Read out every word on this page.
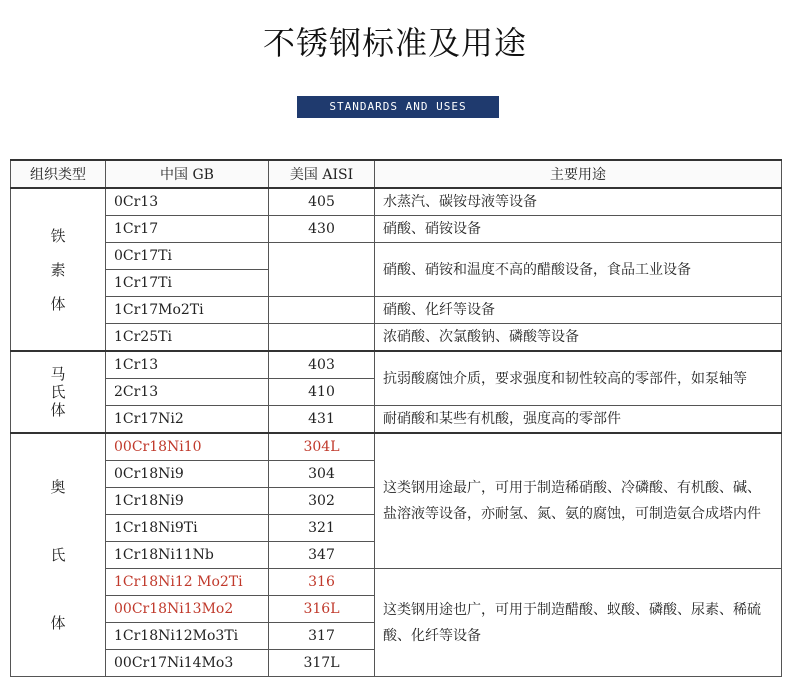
不锈钢标准及用途
STANDARDS AND USES
组织类型	中国 GB	美国 AISI	主要用途

铁
素
体	0Cr13	405	水蒸汽、碳铵母液等设备
	1Cr17	430	硝酸、硝铵设备
	0Cr17Ti		硝酸、硝铵和温度不高的醋酸设备，食品工业设备
	1Cr17Ti		
	1Cr17Mo2Ti		硝酸、化纤等设备
	1Cr25Ti		浓硝酸、次氯酸钠、磷酸等设备

马
氏
体	1Cr13	403	抗弱酸腐蚀介质，要求强度和韧性较高的零部件，如泵轴等
	2Cr13	410	
	1Cr17Ni2	431	耐硝酸和某些有机酸，强度高的零部件

奥
氏
体	00Cr18Ni10	304L	这类钢用途最广，可用于制造稀硝酸、冷磷酸、有机酸、碱、盐溶液等设备，亦耐氢、氮、氨的腐蚀，可制造氨合成塔内件
	0Cr18Ni9	304	
	1Cr18Ni9	302	
	1Cr18Ni9Ti	321	
	1Cr18Ni11Nb	347	
	1Cr18Ni12 Mo2Ti	316	这类钢用途也广，可用于制造醋酸、蚁酸、磷酸、尿素、稀硫酸、化纤等设备
	00Cr18Ni13Mo2	316L	
	1Cr18Ni12Mo3Ti	317	
	00Cr17Ni14Mo3	317L	
